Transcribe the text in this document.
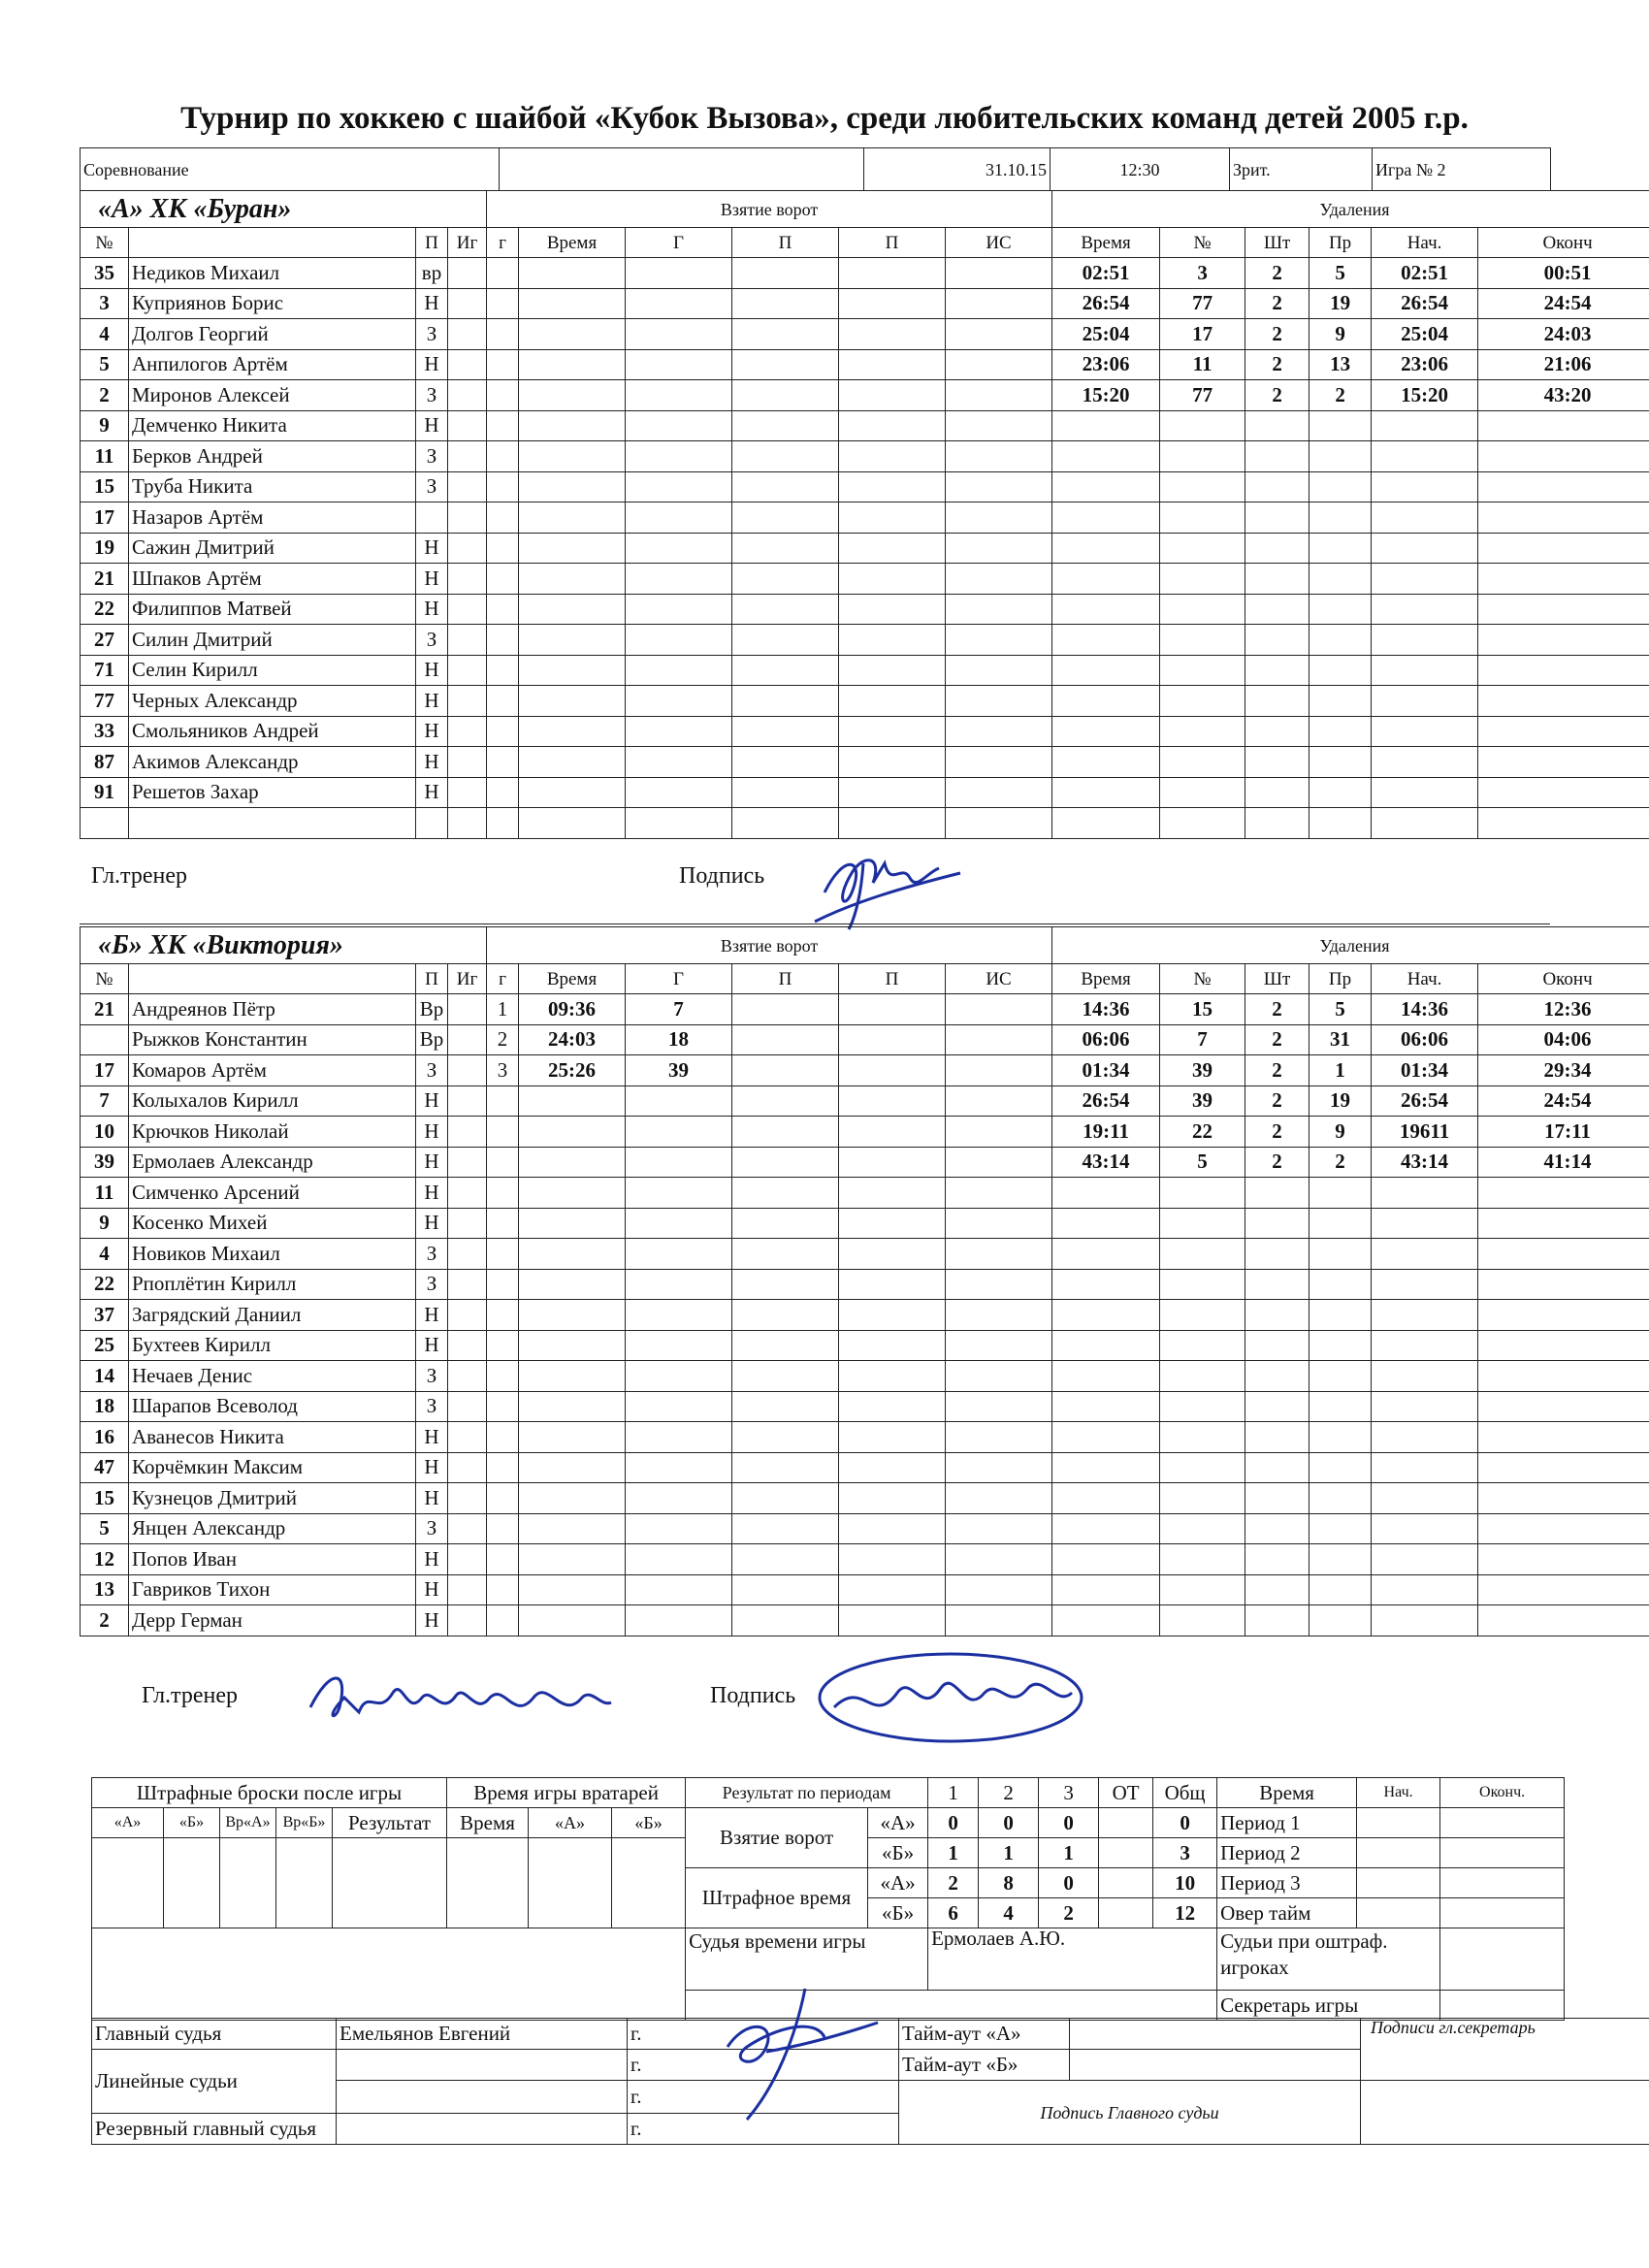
Турнир по хоккею с шайбой «Кубок Вызова», среди любительских команд детей 2005 г.р.
Соревнование		31.10.15	12:30	Зрит.	Игра № 2
«А» ХК «Буран»				Взятие ворот						Удаления					
№		П	Иг	г	Время	Г	П	П	ИС	Время	№	Шт	Пр	Нач.	Оконч
35	Недиков Михаил	вр								02:51	3	2	5	02:51	00:51
3	Куприянов Борис	Н								26:54	77	2	19	26:54	24:54
4	Долгов Георгий	З								25:04	17	2	9	25:04	24:03
5	Анпилогов Артём	Н								23:06	11	2	13	23:06	21:06
2	Миронов Алексей	З								15:20	77	2	2	15:20	43:20
9	Демченко Никита	Н													
11	Берков Андрей	З													
15	Труба Никита	З													
17	Назаров Артём														
19	Сажин Дмитрий	Н													
21	Шпаков Артём	Н													
22	Филиппов Матвей	Н													
27	Силин Дмитрий	З													
71	Селин Кирилл	Н													
77	Черных Александр	Н													
33	Смольяников Андрей	Н													
87	Акимов Александр	Н													
91	Решетов Захар	Н													

Гл.тренер	Подпись
«Б» ХК «Виктория»				Взятие ворот						Удаления					
№		П	Иг	г	Время	Г	П	П	ИС	Время	№	Шт	Пр	Нач.	Оконч
21	Андреянов Пётр	Вр		1	09:36	7				14:36	15	2	5	14:36	12:36
	Рыжков Константин	Вр		2	24:03	18				06:06	7	2	31	06:06	04:06
17	Комаров Артём	З		3	25:26	39				01:34	39	2	1	01:34	29:34
7	Колыхалов Кирилл	Н								26:54	39	2	19	26:54	24:54
10	Крючков Николай	Н								19:11	22	2	9	19611	17:11
39	Ермолаев Александр	Н								43:14	5	2	2	43:14	41:14
11	Симченко Арсений	Н													
9	Косенко Михей	Н													
4	Новиков Михаил	З													
22	Рпоплётин Кирилл	З													
37	Загрядский Даниил	Н													
25	Бухтеев Кирилл	Н													
14	Нечаев Денис	З													
18	Шарапов Всеволод	З													
16	Аванесов Никита	Н													
47	Корчёмкин Максим	Н													
15	Кузнецов Дмитрий	Н													
5	Янцен Александр	З													
12	Попов Иван	Н													
13	Гавриков Тихон	Н													
2	Дерр Герман	Н													
Гл.тренер	Подпись
Штрафные броски после игры					Время игры вратарей			Результат по периодам		1	2	3	ОТ	Общ	Время	Нач.	Оконч.
«А»	«Б»	Вр«А»	Вр«Б»	Результат	Время	«А»	«Б»	Взятие ворот	«А»	0	0	0		0	Период 1		
									«Б»	1	1	1		3	Период 2		
								Штрафное время	«А»	2	8	0		10	Период 3		
									«Б»	6	4	2		12	Овер тайм		
								Судья времени игры		Ермолаев А.Ю.					Судьи при оштраф. игроках		
															Секретарь игры		
Главный судья	Емельянов Евгений	г.	Тайм-аут «А»		Подписи гл.секретарь
Линейные судьи		г.	Тайм-аут «Б»		
		г.	Подпись Главного судьи		
Резервный главный судья		г.			
